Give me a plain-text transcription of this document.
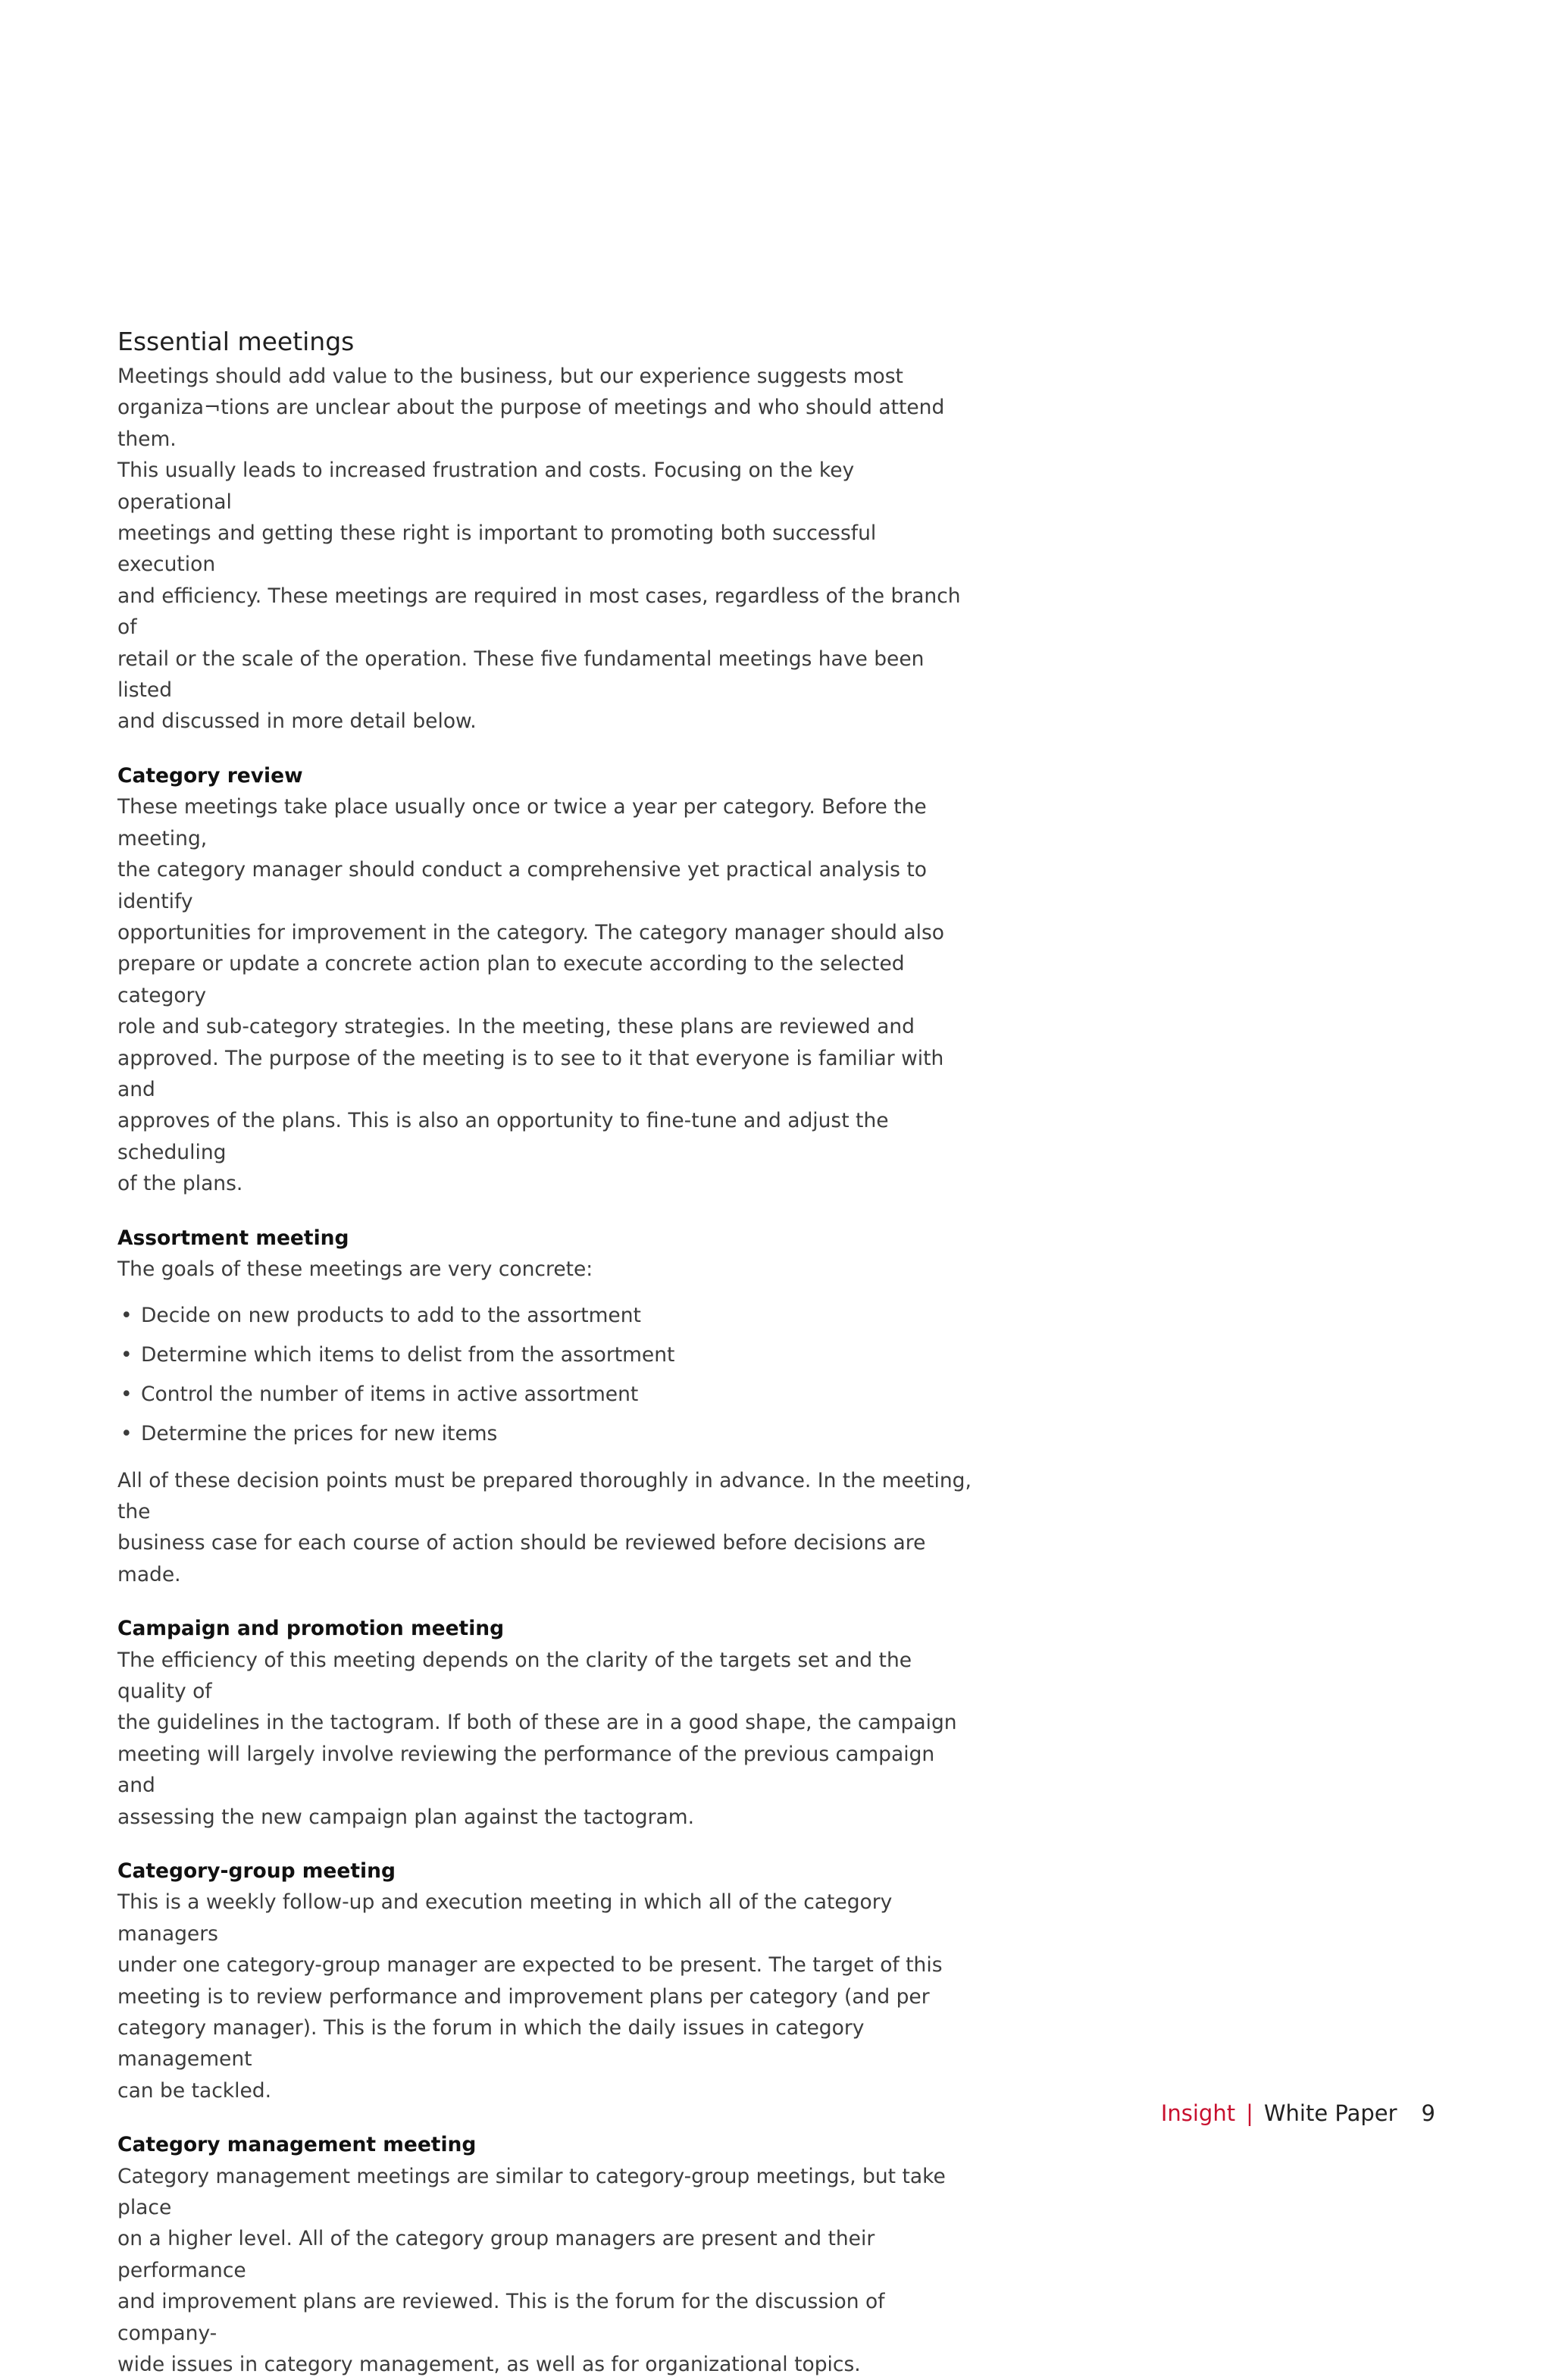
Essential meetings

Meetings should add value to the business, but our experience suggests most
organiza¬tions are unclear about the purpose of meetings and who should attend them.
This usually leads to increased frustration and costs. Focusing on the key operational
meetings and getting these right is important to promoting both successful execution
and efficiency. These meetings are required in most cases, regardless of the branch of
retail or the scale of the operation. These five fundamental meetings have been listed
and discussed in more detail below.

Category review

These meetings take place usually once or twice a year per category. Before the meeting,
the category manager should conduct a comprehensive yet practical analysis to identify
opportunities for improvement in the category. The category manager should also
prepare or update a concrete action plan to execute according to the selected category
role and sub-category strategies. In the meeting, these plans are reviewed and
approved. The purpose of the meeting is to see to it that everyone is familiar with and
approves of the plans. This is also an opportunity to fine-tune and adjust the scheduling
of the plans.

Assortment meeting

The goals of these meetings are very concrete:

• Decide on new products to add to the assortment
• Determine which items to delist from the assortment
• Control the number of items in active assortment
• Determine the prices for new items

All of these decision points must be prepared thoroughly in advance. In the meeting, the
business case for each course of action should be reviewed before decisions are made.

Campaign and promotion meeting

The efficiency of this meeting depends on the clarity of the targets set and the quality of
the guidelines in the tactogram. If both of these are in a good shape, the campaign
meeting will largely involve reviewing the performance of the previous campaign and
assessing the new campaign plan against the tactogram.

Category-group meeting

This is a weekly follow-up and execution meeting in which all of the category managers
under one category-group manager are expected to be present. The target of this
meeting is to review performance and improvement plans per category (and per
category manager). This is the forum in which the daily issues in category management
can be tackled.

Category management meeting

Category management meetings are similar to category-group meetings, but take place
on a higher level. All of the category group managers are present and their performance
and improvement plans are reviewed. This is the forum for the discussion of company-
wide issues in category management, as well as for organizational topics.

Insight | White Paper 9
